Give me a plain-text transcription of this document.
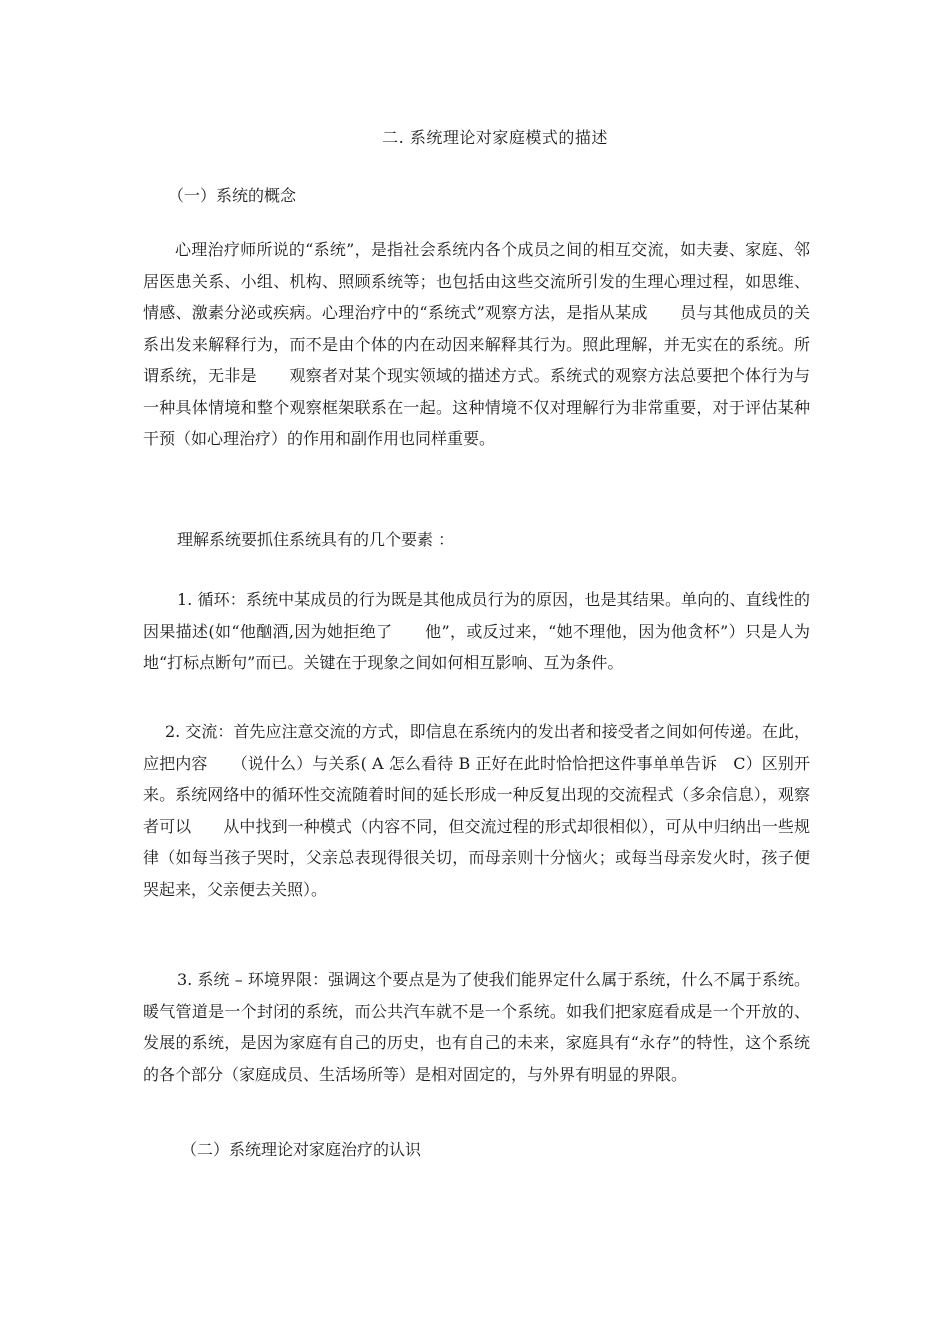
二. 系统理论对家庭模式的描述
（一）系统的概念

心理治疗师所说的“系统”，是指社会系统内各个成员之间的相互交流，如夫妻、家庭、邻居医患关系、小组、机构、照顾系统等；也包括由这些交流所引发的生理心理过程，如思维、情感、激素分泌或疾病。心理治疗中的“系统式”观察方法，是指从某成　　员与其他成员的关系出发来解释行为，而不是由个体的内在动因来解释其行为。照此理解，并无实在的系统。所谓系统，无非是　　观察者对某个现实领域的描述方式。系统式的观察方法总要把个体行为与一种具体情境和整个观察框架联系在一起。这种情境不仅对理解行为非常重要，对于评估某种干预（如心理治疗）的作用和副作用也同样重要。

理解系统要抓住系统具有的几个要素 ：

1. 循环：系统中某成员的行为既是其他成员行为的原因，也是其结果。单向的、直线性的因果描述(如“他酗酒,因为她拒绝了　　他”，或反过来，“她不理他，因为他贪杯”）只是人为　　地“打标点断句”而已。关键在于现象之间如何相互影响、互为条件。

2. 交流：首先应注意交流的方式，即信息在系统内的发出者和接受者之间如何传递。在此，应把内容　　（说什么）与关系( A 怎么看待 B 正好在此时恰恰把这件事单单告诉　C）区别开来。系统网络中的循环性交流随着时间的延长形成一种反复出现的交流程式（多余信息），观察　　者可以　　从中找到一种模式（内容不同，但交流过程的形式却很相似），可从中归纳出一些规律（如每当孩子哭时，父亲总表现得很关切，而母亲则十分恼火；或每当母亲发火时，孩子便哭起来，父亲便去关照）。

3. 系统 – 环境界限：强调这个要点是为了使我们能界定什么属于系统，什么不属于系统。暖气管道是一个封闭的系统，而公共汽车就不是一个系统。如我们把家庭看成是一个开放的、发展的系统，是因为家庭有自己的历史，也有自己的未来，家庭具有“永存”的特性，这个系统的各个部分（家庭成员、生活场所等）是相对固定的，与外界有明显的界限。

（二）系统理论对家庭治疗的认识
